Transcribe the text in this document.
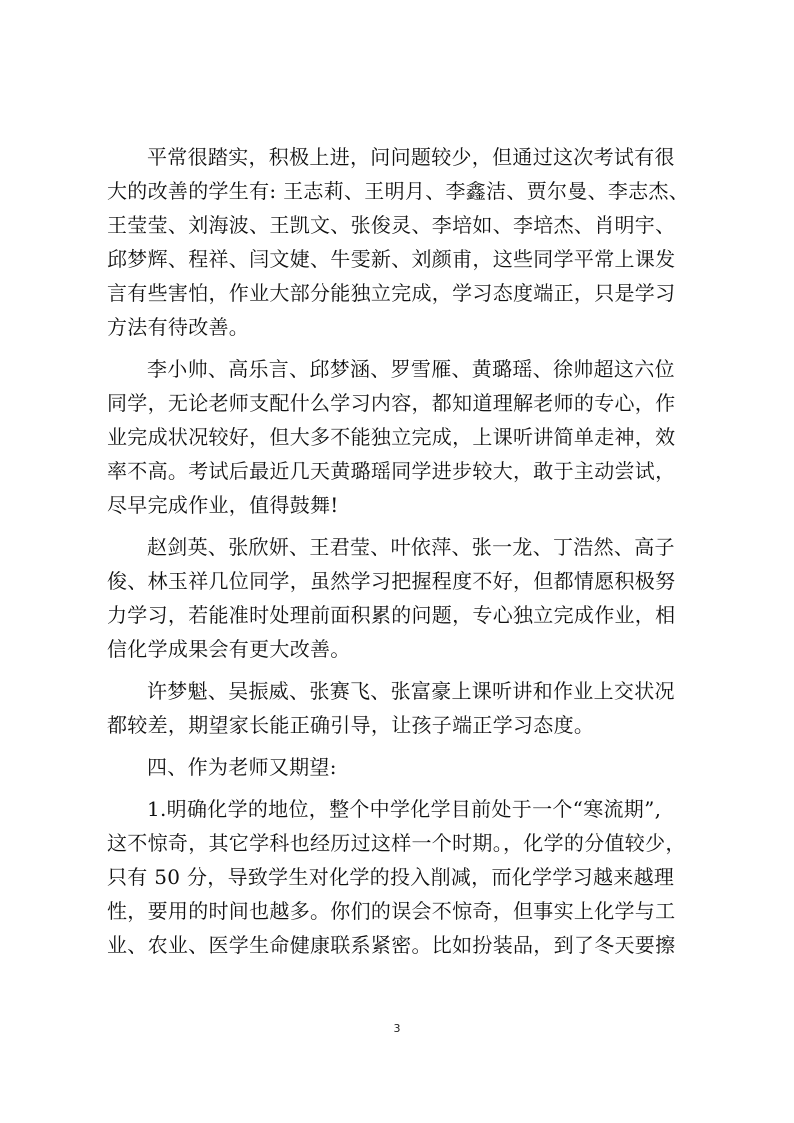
平常很踏实，积极上进，问问题较少，但通过这次考试有很
大的改善的学生有: 王志莉、王明月、李鑫洁、贾尔曼、李志杰、
王莹莹、刘海波、王凯文、张俊灵、李培如、李培杰、肖明宇、
邱梦辉、程祥、闫文婕、牛雯新、刘颜甫，这些同学平常上课发
言有些害怕，作业大部分能独立完成，学习态度端正，只是学习
方法有待改善。
李小帅、高乐言、邱梦涵、罗雪雁、黄璐瑶、徐帅超这六位
同学，无论老师支配什么学习内容，都知道理解老师的专心，作
业完成状况较好，但大多不能独立完成，上课听讲简单走神，效
率不高。考试后最近几天黄璐瑶同学进步较大，敢于主动尝试，
尽早完成作业，值得鼓舞!
赵剑英、张欣妍、王君莹、叶依萍、张一龙、丁浩然、高子
俊、林玉祥几位同学，虽然学习把握程度不好，但都情愿积极努
力学习，若能准时处理前面积累的问题，专心独立完成作业，相
信化学成果会有更大改善。
许梦魁、吴振威、张赛飞、张富豪上课听讲和作业上交状况
都较差，期望家长能正确引导，让孩子端正学习态度。
四、作为老师又期望:
1.明确化学的地位，整个中学化学目前处于一个“寒流期”,
这不惊奇，其它学科也经历过这样一个时期。，化学的分值较少，
只有 50 分，导致学生对化学的投入削减，而化学学习越来越理
性，要用的时间也越多。你们的误会不惊奇，但事实上化学与工
业、农业、医学生命健康联系紧密。比如扮装品，到了冬天要擦
3
